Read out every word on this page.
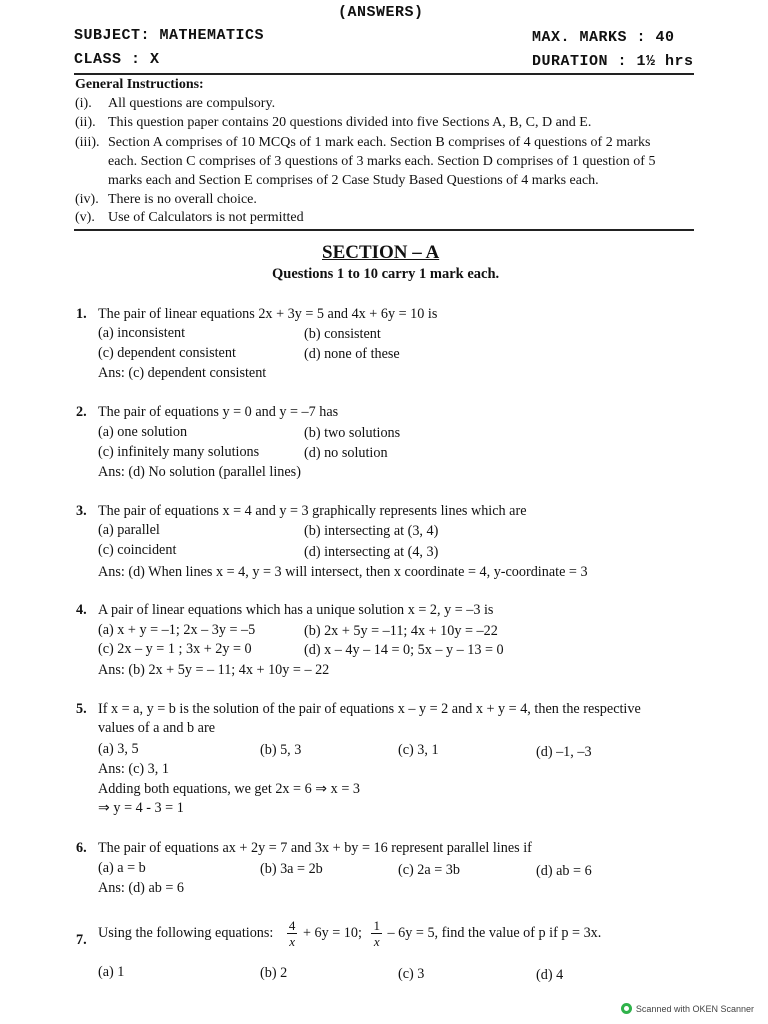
(ANSWERS)
SUBJECT: MATHEMATICS	MAX. MARKS : 40
CLASS : X	DURATION : 1½ hrs
General Instructions:
(i). All questions are compulsory.
(ii). This question paper contains 20 questions divided into five Sections A, B, C, D and E.
(iii). Section A comprises of 10 MCQs of 1 mark each. Section B comprises of 4 questions of 2 marks
each. Section C comprises of 3 questions of 3 marks each. Section D comprises of 1 question of 5
marks each and Section E comprises of 2 Case Study Based Questions of 4 marks each.
(iv). There is no overall choice.
(v). Use of Calculators is not permitted
SECTION – A
Questions 1 to 10 carry 1 mark each.
1. The pair of linear equations 2x + 3y = 5 and 4x + 6y = 10 is
(a) inconsistent	(b) consistent
(c) dependent consistent	(d) none of these
Ans: (c) dependent consistent
2. The pair of equations y = 0 and y = –7 has
(a) one solution	(b) two solutions
(c) infinitely many solutions	(d) no solution
Ans: (d) No solution (parallel lines)
3. The pair of equations x = 4 and y = 3 graphically represents lines which are
(a) parallel	(b) intersecting at (3, 4)
(c) coincident	(d) intersecting at (4, 3)
Ans: (d) When lines x = 4, y = 3 will intersect, then x coordinate = 4, y-coordinate = 3
4. A pair of linear equations which has a unique solution x = 2, y = –3 is
(a) x + y = –1; 2x – 3y = –5	(b) 2x + 5y = –11; 4x + 10y = –22
(c) 2x – y = 1 ; 3x + 2y = 0	(d) x – 4y – 14 = 0; 5x – y – 13 = 0
Ans: (b) 2x + 5y = – 11; 4x + 10y = – 22
5. If x = a, y = b is the solution of the pair of equations x – y = 2 and x + y = 4, then the respective
values of a and b are
(a) 3, 5	(b) 5, 3	(c) 3, 1	(d) –1, –3
Ans: (c) 3, 1
Adding both equations, we get 2x = 6 ⇒ x = 3
⇒ y = 4 - 3 = 1
6. The pair of equations ax + 2y = 7 and 3x + by = 16 represent parallel lines if
(a) a = b	(b) 3a = 2b	(c) 2a = 3b	(d) ab = 6
Ans: (d) ab = 6
7. Using the following equations: $\frac{4}{x} + 6y = 10$; $\frac{1}{x} - 6y = 5$, find the value of p if p = 3x.
(a) 1	(b) 2	(c) 3	(d) 4
Scanned with OKEN Scanner
